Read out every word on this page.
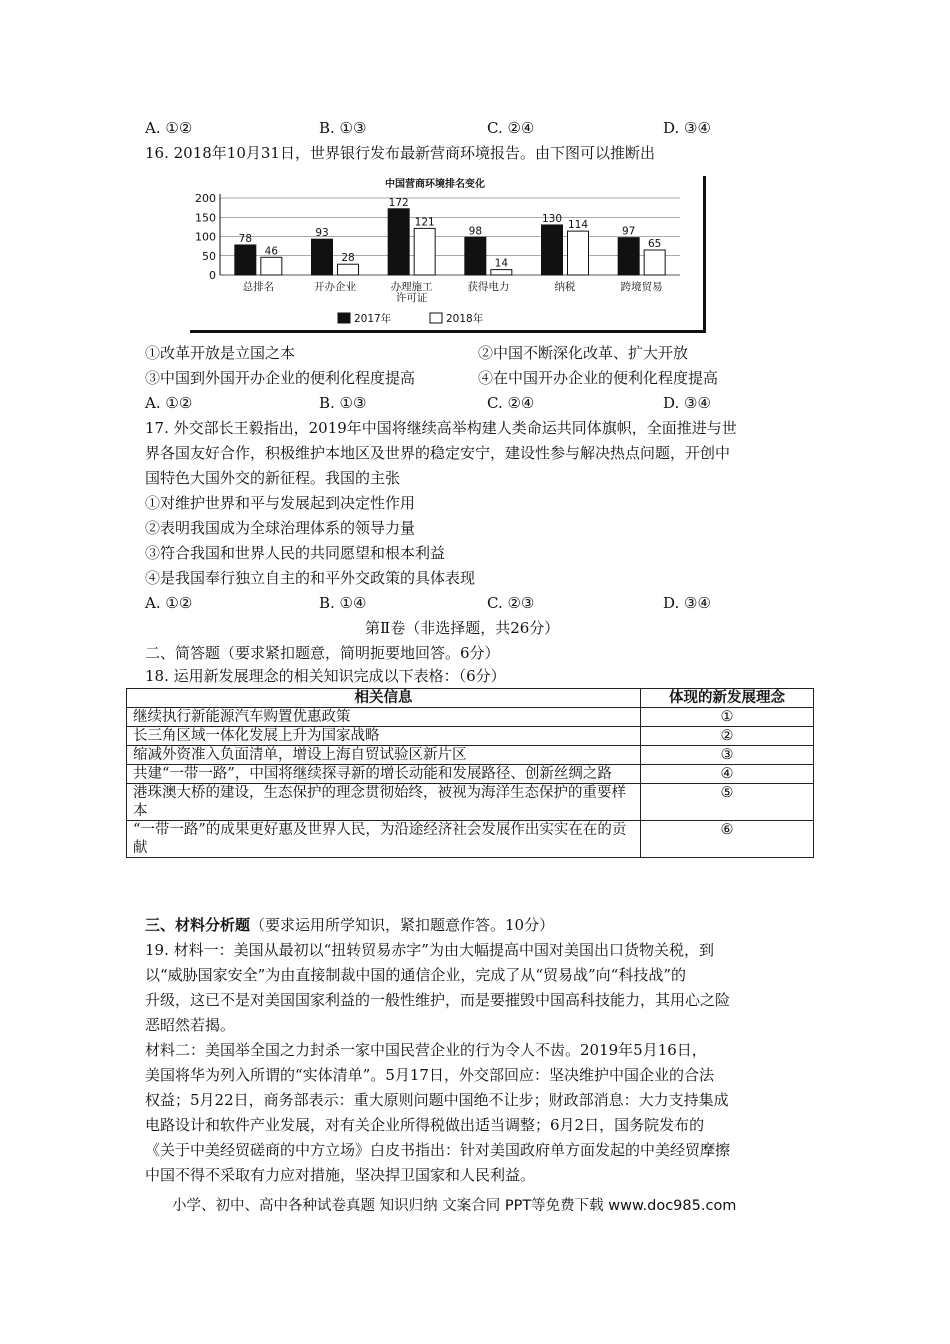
A. ①②	B. ①③	C. ②④	D. ③④
16. 2018年10月31日，世界银行发布最新营商环境报告。由下图可以推断出
中国营商环境排名变化
0
50
100
150
200
78
46
总排名
93
28
开办企业
172
121
办理施工
许可证
98
14
获得电力
130
114
纳税
97
65
跨境贸易
2017年	2018年
①改革开放是立国之本	②中国不断深化改革、扩大开放
③中国到外国开办企业的便利化程度提高	④在中国开办企业的便利化程度提高
A. ①②	B. ①③	C. ②④	D. ③④
17. 外交部长王毅指出，2019年中国将继续高举构建人类命运共同体旗帜，全面推进与世
界各国友好合作，积极维护本地区及世界的稳定安宁，建设性参与解决热点问题，开创中
国特色大国外交的新征程。我国的主张
①对维护世界和平与发展起到决定性作用
②表明我国成为全球治理体系的领导力量
③符合我国和世界人民的共同愿望和根本利益
④是我国奉行独立自主的和平外交政策的具体表现
A. ①②	B. ①④	C. ②③	D. ③④
第Ⅱ卷（非选择题，共26分）
二、简答题（要求紧扣题意，简明扼要地回答。6分）
18. 运用新发展理念的相关知识完成以下表格：（6分）
相关信息	体现的新发展理念
继续执行新能源汽车购置优惠政策	①
长三角区域一体化发展上升为国家战略	②
缩减外资准入负面清单，增设上海自贸试验区新片区	③
共建“一带一路”，中国将继续探寻新的增长动能和发展路径、创新丝绸之路	④
港珠澳大桥的建设，生态保护的理念贯彻始终，被视为海洋生态保护的重要样本	⑤
“一带一路”的成果更好惠及世界人民，为沿途经济社会发展作出实实在在的贡献	⑥
三、材料分析题（要求运用所学知识，紧扣题意作答。10分）
19. 材料一：美国从最初以“扭转贸易赤字”为由大幅提高中国对美国出口货物关税，到
以“威胁国家安全”为由直接制裁中国的通信企业，完成了从“贸易战”向“科技战”的
升级，这已不是对美国国家利益的一般性维护，而是要摧毁中国高科技能力，其用心之险
恶昭然若揭。
材料二：美国举全国之力封杀一家中国民营企业的行为令人不齿。2019年5月16日，
美国将华为列入所谓的“实体清单”。5月17日，外交部回应：坚决维护中国企业的合法
权益；5月22日，商务部表示：重大原则问题中国绝不让步；财政部消息：大力支持集成
电路设计和软件产业发展，对有关企业所得税做出适当调整；6月2日，国务院发布的
《关于中美经贸磋商的中方立场》白皮书指出：针对美国政府单方面发起的中美经贸摩擦
中国不得不采取有力应对措施，坚决捍卫国家和人民利益。
小学、初中、高中各种试卷真题 知识归纳 文案合同 PPT等免费下载 www.doc985.com
